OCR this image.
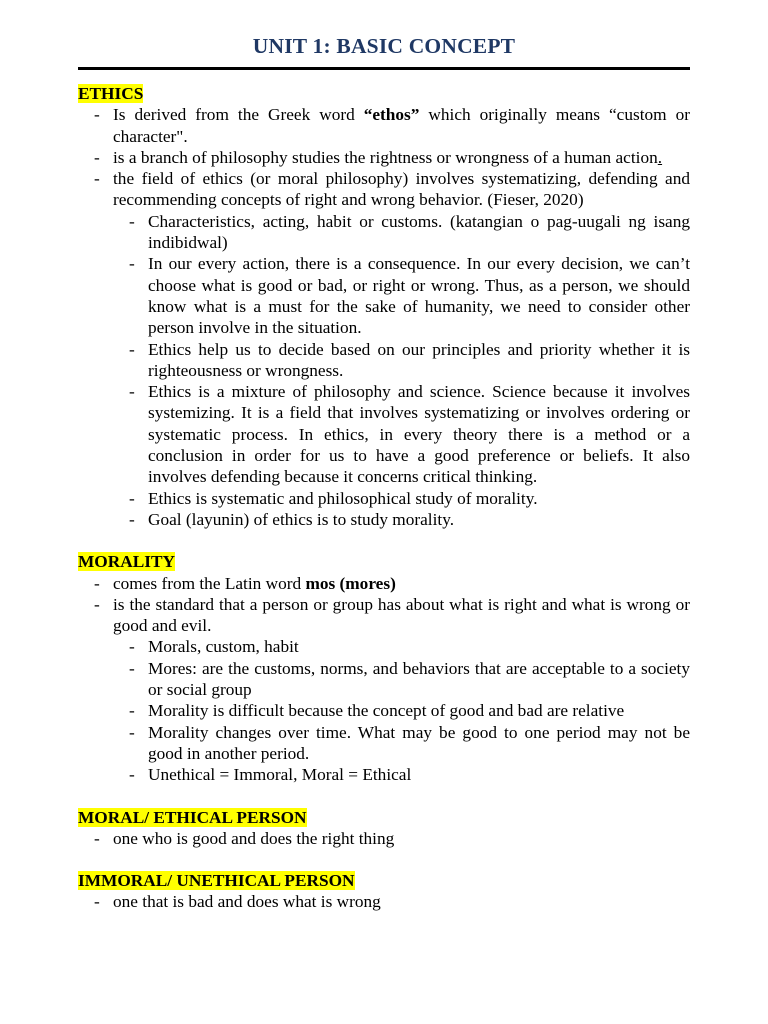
UNIT 1: BASIC CONCEPT
ETHICS
- Is derived from the Greek word “ethos” which originally means “custom or character".
- is a branch of philosophy studies the rightness or wrongness of a human action.
- the field of ethics (or moral philosophy) involves systematizing, defending and recommending concepts of right and wrong behavior. (Fieser, 2020)
- Characteristics, acting, habit or customs. (katangian o pag-uugali ng isang indibidwal)
- In our every action, there is a consequence. In our every decision, we can’t choose what is good or bad, or right or wrong. Thus, as a person, we should know what is a must for the sake of humanity, we need to consider other person involve in the situation.
- Ethics help us to decide based on our principles and priority whether it is righteousness or wrongness.
- Ethics is a mixture of philosophy and science. Science because it involves systemizing. It is a field that involves systematizing or involves ordering or systematic process. In ethics, in every theory there is a method or a conclusion in order for us to have a good preference or beliefs. It also involves defending because it concerns critical thinking.
- Ethics is systematic and philosophical study of morality.
- Goal (layunin) of ethics is to study morality.
MORALITY
- comes from the Latin word mos (mores)
- is the standard that a person or group has about what is right and what is wrong or good and evil.
- Morals, custom, habit
- Mores: are the customs, norms, and behaviors that are acceptable to a society or social group
- Morality is difficult because the concept of good and bad are relative
- Morality changes over time. What may be good to one period may not be good in another period.
- Unethical = Immoral, Moral = Ethical
MORAL/ ETHICAL PERSON
- one who is good and does the right thing
IMMORAL/ UNETHICAL PERSON
- one that is bad and does what is wrong
